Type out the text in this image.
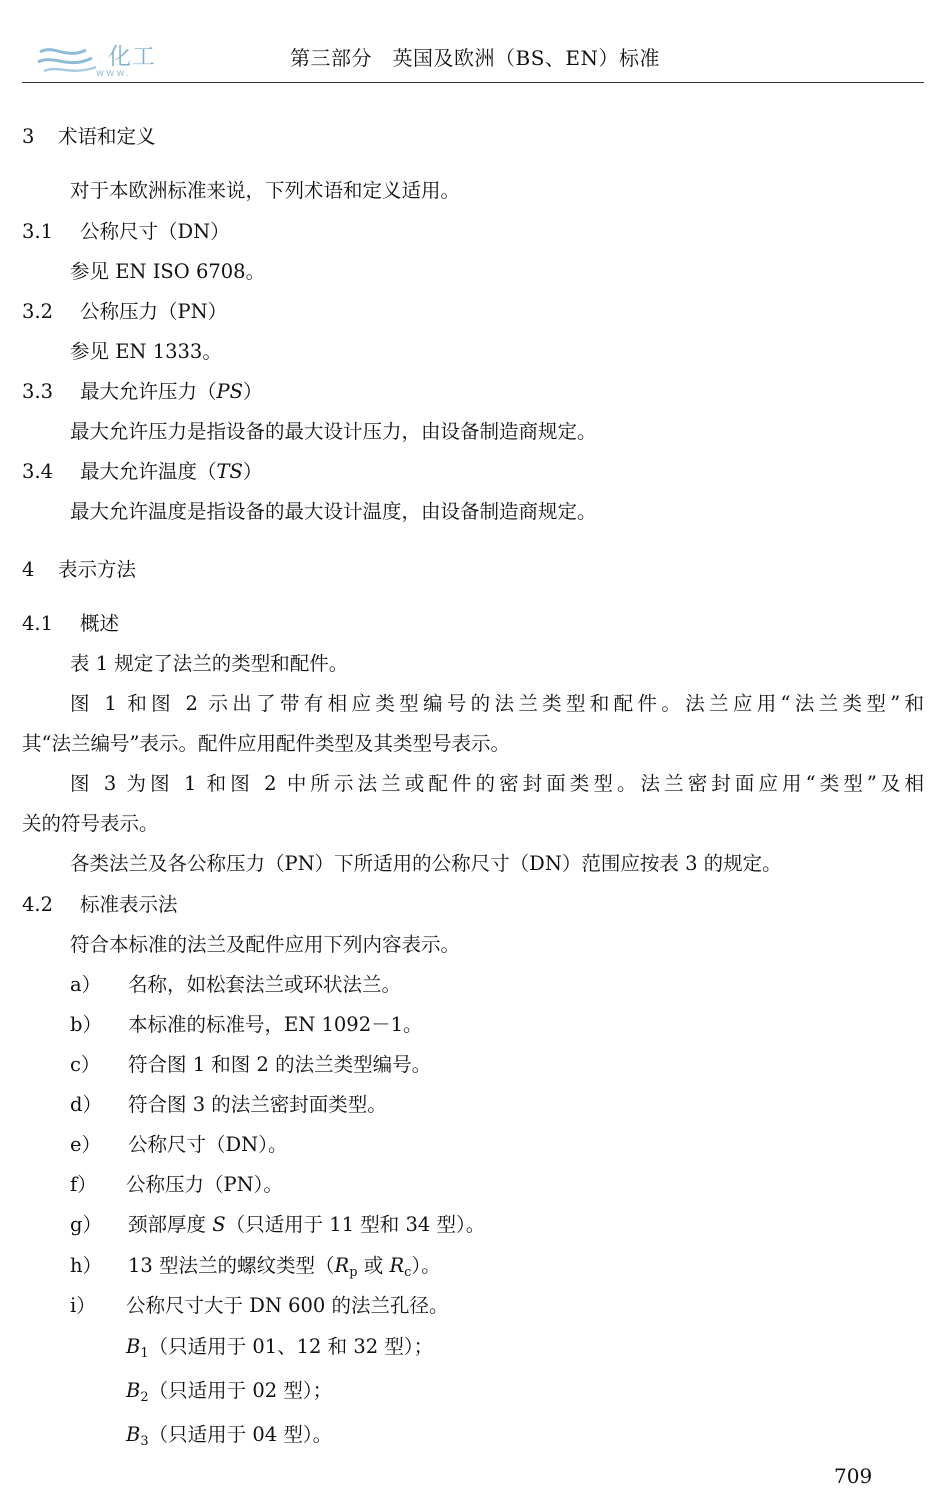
化工
www.
第三部分　英国及欧洲（BS、EN）标准
3 术语和定义
对于本欧洲标准来说，下列术语和定义适用。
3.1 公称尺寸（DN）
参见 EN ISO 6708。
3.2 公称压力（PN）
参见 EN 1333。
3.3 最大允许压力（PS）
最大允许压力是指设备的最大设计压力，由设备制造商规定。
3.4 最大允许温度（TS）
最大允许温度是指设备的最大设计温度，由设备制造商规定。
4 表示方法
4.1 概述
表 1 规定了法兰的类型和配件。
图 1 和图 2 示出了带有相应类型编号的法兰类型和配件。法兰应用“法兰类型”和
其“法兰编号”表示。配件应用配件类型及其类型号表示。
图 3 为图 1 和图 2 中所示法兰或配件的密封面类型。法兰密封面应用“类型”及相
关的符号表示。
各类法兰及各公称压力（PN）下所适用的公称尺寸（DN）范围应按表 3 的规定。
4.2 标准表示法
符合本标准的法兰及配件应用下列内容表示。
a） 名称，如松套法兰或环状法兰。
b） 本标准的标准号，EN 1092－1。
c） 符合图 1 和图 2 的法兰类型编号。
d） 符合图 3 的法兰密封面类型。
e） 公称尺寸（DN）。
f） 公称压力（PN）。
g） 颈部厚度 S（只适用于 11 型和 34 型）。
h） 13 型法兰的螺纹类型（$R_p$ 或 $R_c$）。
i） 公称尺寸大于 DN 600 的法兰孔径。
$B_1$（只适用于 01、12 和 32 型）；
$B_2$（只适用于 02 型）；
$B_3$（只适用于 04 型）。
709
